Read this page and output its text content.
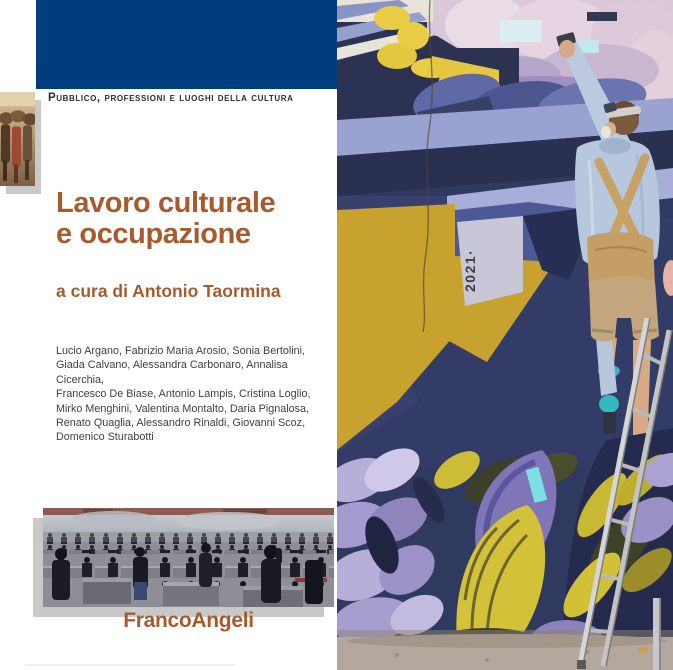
Pubblico, professioni e luoghi della cultura
Lavoro culturale
e occupazione
a cura di Antonio Taormina
Lucio Argano, Fabrizio Maria Arosio, Sonia Bertolini,
Giada Calvano, Alessandra Carbonaro, Annalisa Cicerchia,
Francesco De Biase, Antonio Lampis, Cristina Loglio,
Mirko Menghini, Valentina Montalto, Daria Pignalosa,
Renato Quaglia, Alessandro Rinaldi, Giovanni Scoz,
Domenico Sturabotti
FrancoAngeli
2021·
